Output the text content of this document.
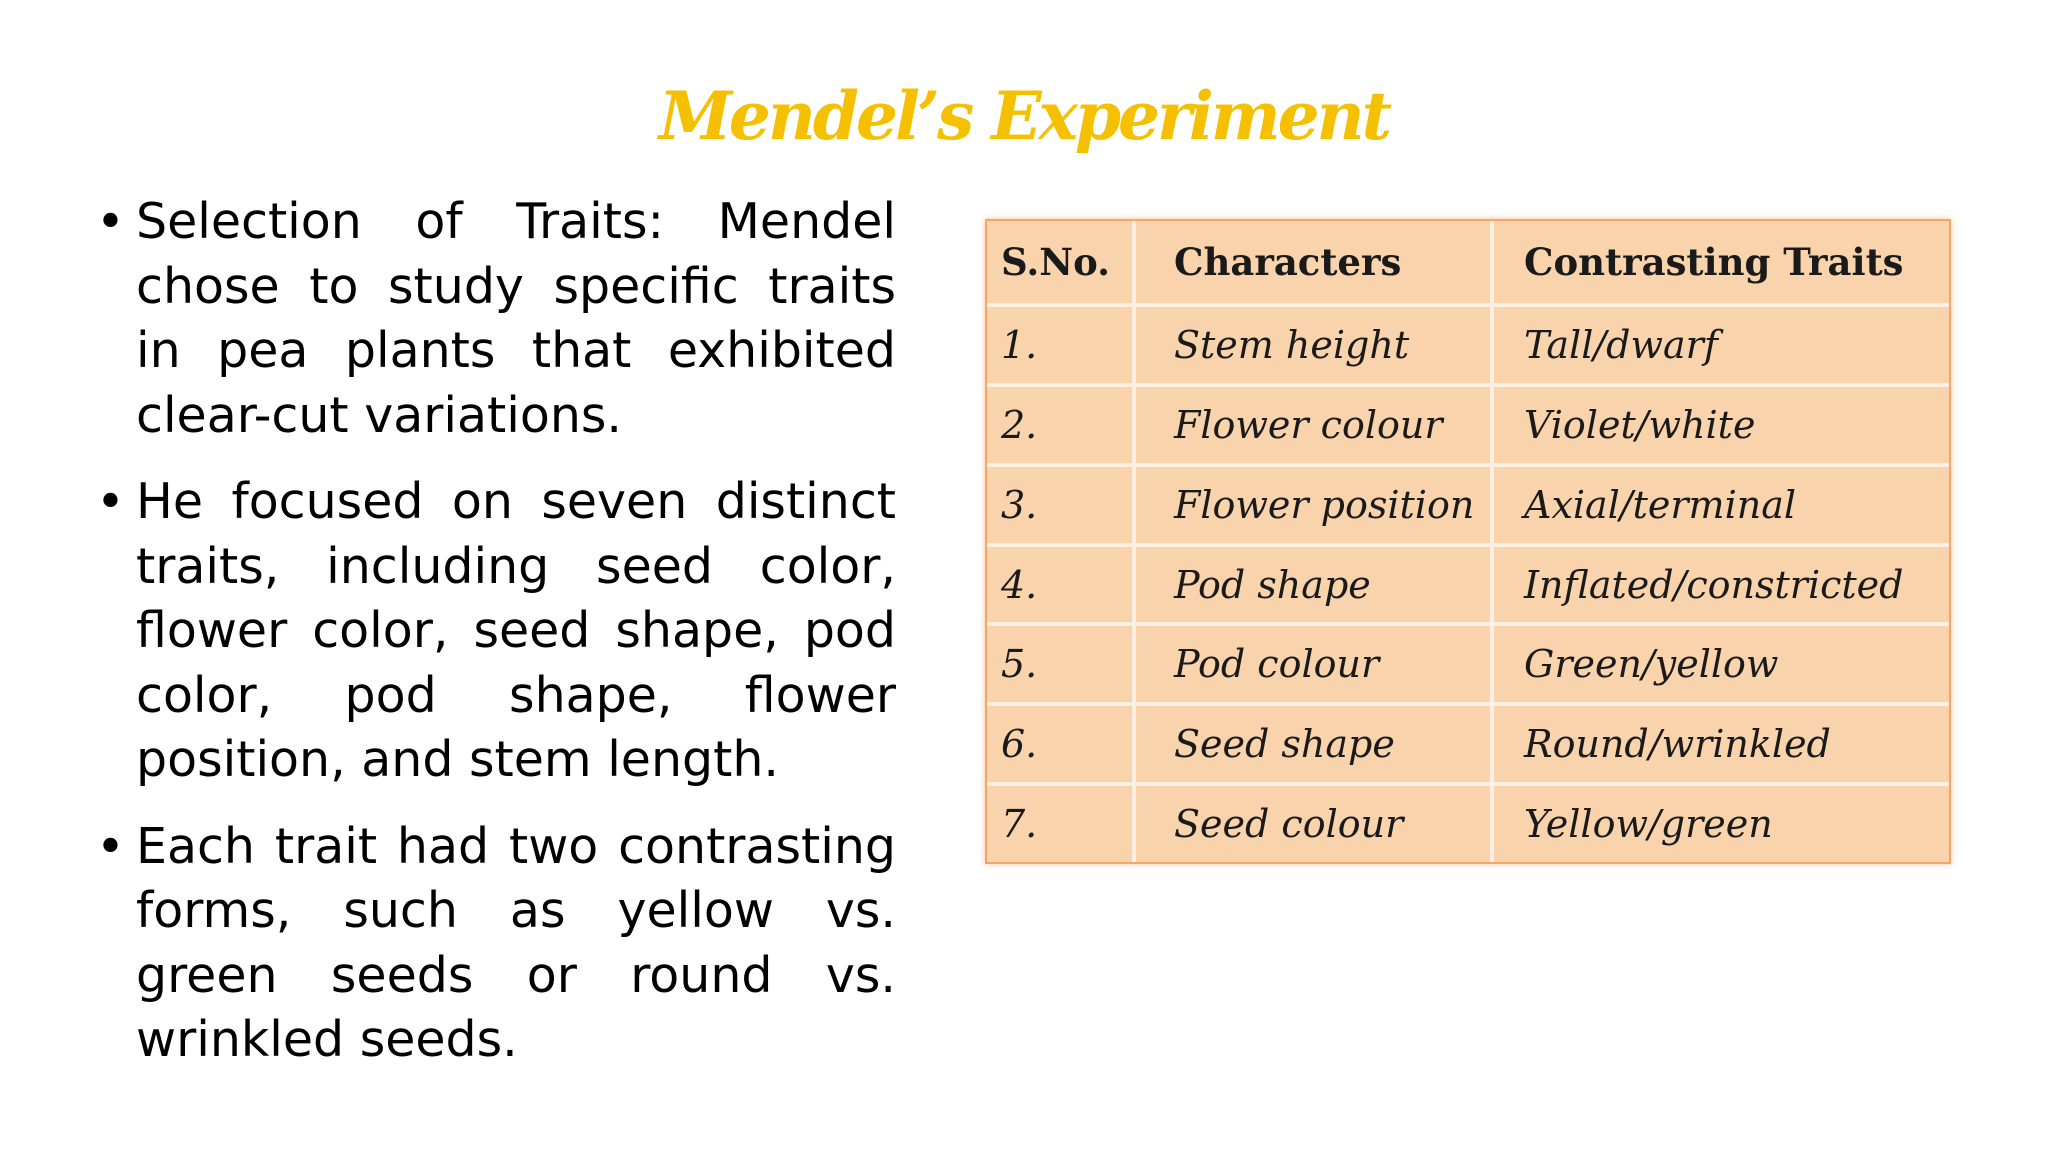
Mendel’s Experiment
• Selection of Traits: Mendel chose to study specific traits in pea plants that exhibited clear-cut variations.
• He focused on seven distinct traits, including seed color, flower color, seed shape, pod color, pod shape, flower position, and stem length.
• Each trait had two contrasting forms, such as yellow vs. green seeds or round vs. wrinkled seeds.
S.No.	Characters	Contrasting Traits
1.	Stem height	Tall/dwarf
2.	Flower colour	Violet/white
3.	Flower position	Axial/terminal
4.	Pod shape	Inflated/constricted
5.	Pod colour	Green/yellow
6.	Seed shape	Round/wrinkled
7.	Seed colour	Yellow/green
